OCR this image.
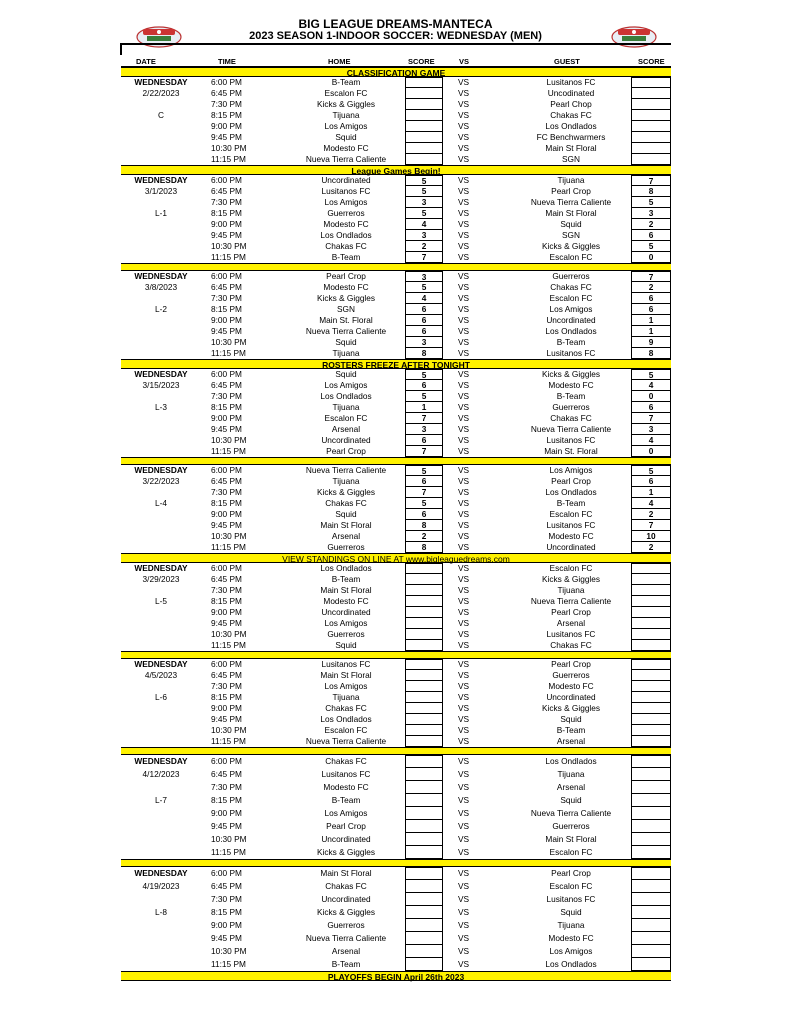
BIG LEAGUE DREAMS-MANTECA
2023 SEASON 1-INDOOR SOCCER: WEDNESDAY (MEN)
DATE	TIME	HOME	SCORE	VS	GUEST	SCORE
CLASSIFICATION GAME
WEDNESDAY	6:00 PM	B-Team	VS	Lusitanos FC
2/22/2023	6:45 PM	Escalon FC	VS	Uncodinated
7:30 PM	Kicks & Giggles	VS	Pearl Chop
C	8:15 PM	Tijuana	VS	Chakas FC
9:00 PM	Los Amigos	VS	Los Ondlados
9:45 PM	Squid	VS	FC Benchwarmers
10:30 PM	Modesto FC	VS	Main St Floral
11:15 PM	Nueva Tierra Caliente	VS	SGN
League Games Begin!
WEDNESDAY	6:00 PM	Uncordinated	5	VS	Tijuana	7
3/1/2023	6:45 PM	Lusitanos FC	5	VS	Pearl Crop	8
7:30 PM	Los Amigos	3	VS	Nueva Tierra Caliente	5
L-1	8:15 PM	Guerreros	5	VS	Main St Floral	3
9:00 PM	Modesto FC	4	VS	Squid	2
9:45 PM	Los Ondlados	3	VS	SGN	6
10:30 PM	Chakas FC	2	VS	Kicks & Giggles	5
11:15 PM	B-Team	7	VS	Escalon FC	0
WEDNESDAY	6:00 PM	Pearl Crop	3	VS	Guerreros	7
3/8/2023	6:45 PM	Modesto FC	5	VS	Chakas FC	2
7:30 PM	Kicks & Giggles	4	VS	Escalon FC	6
L-2	8:15 PM	SGN	6	VS	Los Amigos	6
9:00 PM	Main St. Floral	6	VS	Uncordinated	1
9:45 PM	Nueva Tierra Caliente	6	VS	Los Ondlados	1
10:30 PM	Squid	3	VS	B-Team	9
11:15 PM	Tijuana	8	VS	Lusitanos FC	8
ROSTERS FREEZE AFTER TONIGHT
WEDNESDAY	6:00 PM	Squid	5	VS	Kicks & Giggles	5
3/15/2023	6:45 PM	Los Amigos	6	VS	Modesto FC	4
7:30 PM	Los Ondlados	5	VS	B-Team	0
L-3	8:15 PM	Tijuana	1	VS	Guerreros	6
9:00 PM	Escalon FC	7	VS	Chakas FC	7
9:45 PM	Arsenal	3	VS	Nueva Tierra Caliente	3
10:30 PM	Uncordinated	6	VS	Lusitanos FC	4
11:15 PM	Pearl Crop	7	VS	Main St. Floral	0
WEDNESDAY	6:00 PM	Nueva Tierra Caliente	5	VS	Los Amigos	5
3/22/2023	6:45 PM	Tijuana	6	VS	Pearl Crop	6
7:30 PM	Kicks & Giggles	7	VS	Los Ondlados	1
L-4	8:15 PM	Chakas FC	5	VS	B-Team	4
9:00 PM	Squid	6	VS	Escalon FC	2
9:45 PM	Main St Floral	8	VS	Lusitanos FC	7
10:30 PM	Arsenal	2	VS	Modesto FC	10
11:15 PM	Guerreros	8	VS	Uncordinated	2
VIEW STANDINGS ON LINE AT www.bigleaguedreams.com
WEDNESDAY	6:00 PM	Los Ondlados	VS	Escalon FC
3/29/2023	6:45 PM	B-Team	VS	Kicks & Giggles
7:30 PM	Main St Floral	VS	Tijuana
L-5	8:15 PM	Modesto FC	VS	Nueva Tierra Caliente
9:00 PM	Uncordinated	VS	Pearl Crop
9:45 PM	Los Amigos	VS	Arsenal
10:30 PM	Guerreros	VS	Lusitanos FC
11:15 PM	Squid	VS	Chakas FC
WEDNESDAY	6:00 PM	Lusitanos FC	VS	Pearl Crop
4/5/2023	6:45 PM	Main St Floral	VS	Guerreros
7:30 PM	Los Amigos	VS	Modesto FC
L-6	8:15 PM	Tijuana	VS	Uncordinated
9:00 PM	Chakas FC	VS	Kicks & Giggles
9:45 PM	Los Ondlados	VS	Squid
10:30 PM	Escalon FC	VS	B-Team
11:15 PM	Nueva Tierra Caliente	VS	Arsenal
WEDNESDAY	6:00 PM	Chakas FC	VS	Los Ondlados
4/12/2023	6:45 PM	Lusitanos FC	VS	Tijuana
7:30 PM	Modesto FC	VS	Arsenal
L-7	8:15 PM	B-Team	VS	Squid
9:00 PM	Los Amigos	VS	Nueva Tierra Caliente
9:45 PM	Pearl Crop	VS	Guerreros
10:30 PM	Uncordinated	VS	Main St Floral
11:15 PM	Kicks & Giggles	VS	Escalon FC
WEDNESDAY	6:00 PM	Main St Floral	VS	Pearl Crop
4/19/2023	6:45 PM	Chakas FC	VS	Escalon FC
7:30 PM	Uncordinated	VS	Lusitanos FC
L-8	8:15 PM	Kicks & Giggles	VS	Squid
9:00 PM	Guerreros	VS	Tijuana
9:45 PM	Nueva Tierra Caliente	VS	Modesto FC
10:30 PM	Arsenal	VS	Los Amigos
11:15 PM	B-Team	VS	Los Ondlados
PLAYOFFS BEGIN April 26th 2023
